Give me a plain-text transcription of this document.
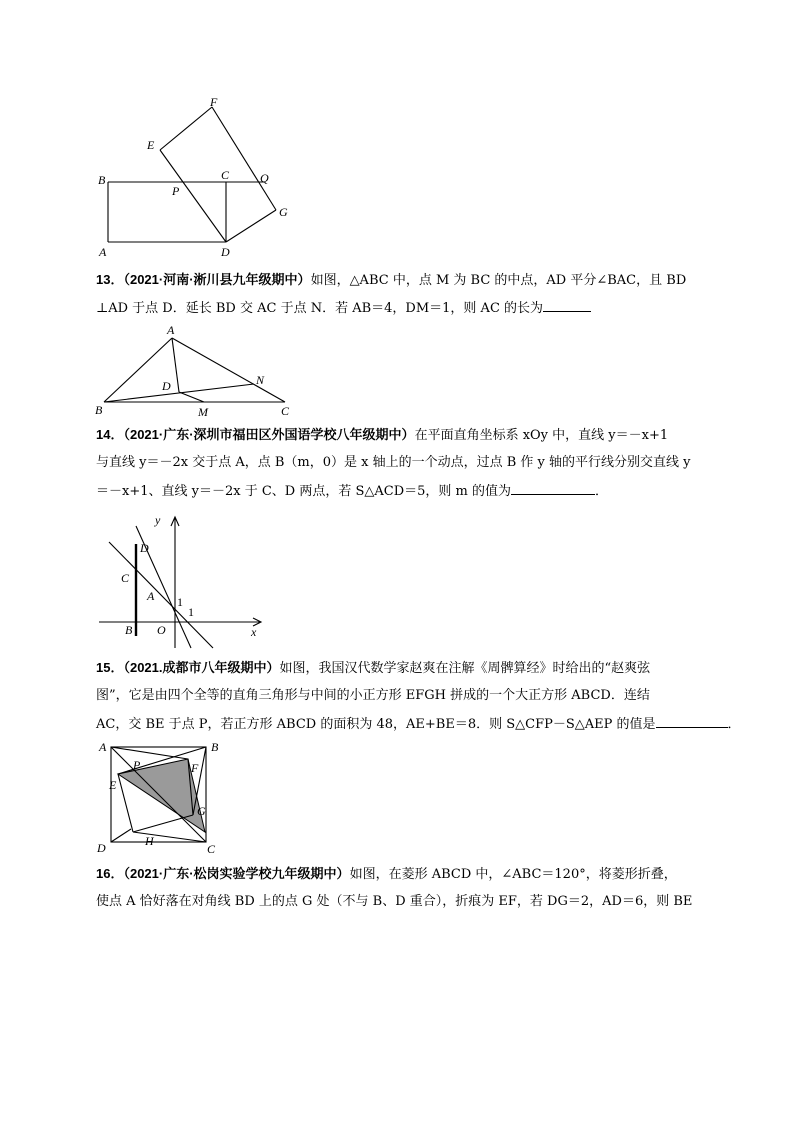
F
E
B	C	Q
P
G
A	D
13．（2021·河南·淅川县九年级期中）如图，△ABC 中，点 M 为 BC 的中点，AD 平分∠BAC，且 BD
⊥AD 于点 D．延长 BD 交 AC 于点 N．若 AB＝4，DM＝1，则 AC 的长为
A
D	N
B	M	C
14．（2021·广东·深圳市福田区外国语学校八年级期中）在平面直角坐标系 xOy 中，直线 y＝－x+1
与直线 y＝－2x 交于点 A，点 B（m，0）是 x 轴上的一个动点，过点 B 作 y 轴的平行线分别交直线 y
＝－x+1、直线 y＝－2x 于 C、D 两点，若 S△ACD＝5，则 m 的值为	．
y
D
C
A 1
1
B O	x
15．（2021.成都市八年级期中）如图，我国汉代数学家赵爽在注解《周髀算经》时给出的“赵爽弦
图”，它是由四个全等的直角三角形与中间的小正方形 EFGH 拼成的一个大正方形 ABCD．连结
AC，交 BE 于点 P，若正方形 ABCD 的面积为 48，AE+BE＝8．则 S△CFP－S△AEP 的值是	．
A	B
P	F
E
G
H
D	C
16．（2021·广东·松岗实验学校九年级期中）如图，在菱形 ABCD 中，∠ABC＝120°，将菱形折叠，
使点 A 恰好落在对角线 BD 上的点 G 处（不与 B、D 重合），折痕为 EF，若 DG＝2，AD＝6，则 BE
